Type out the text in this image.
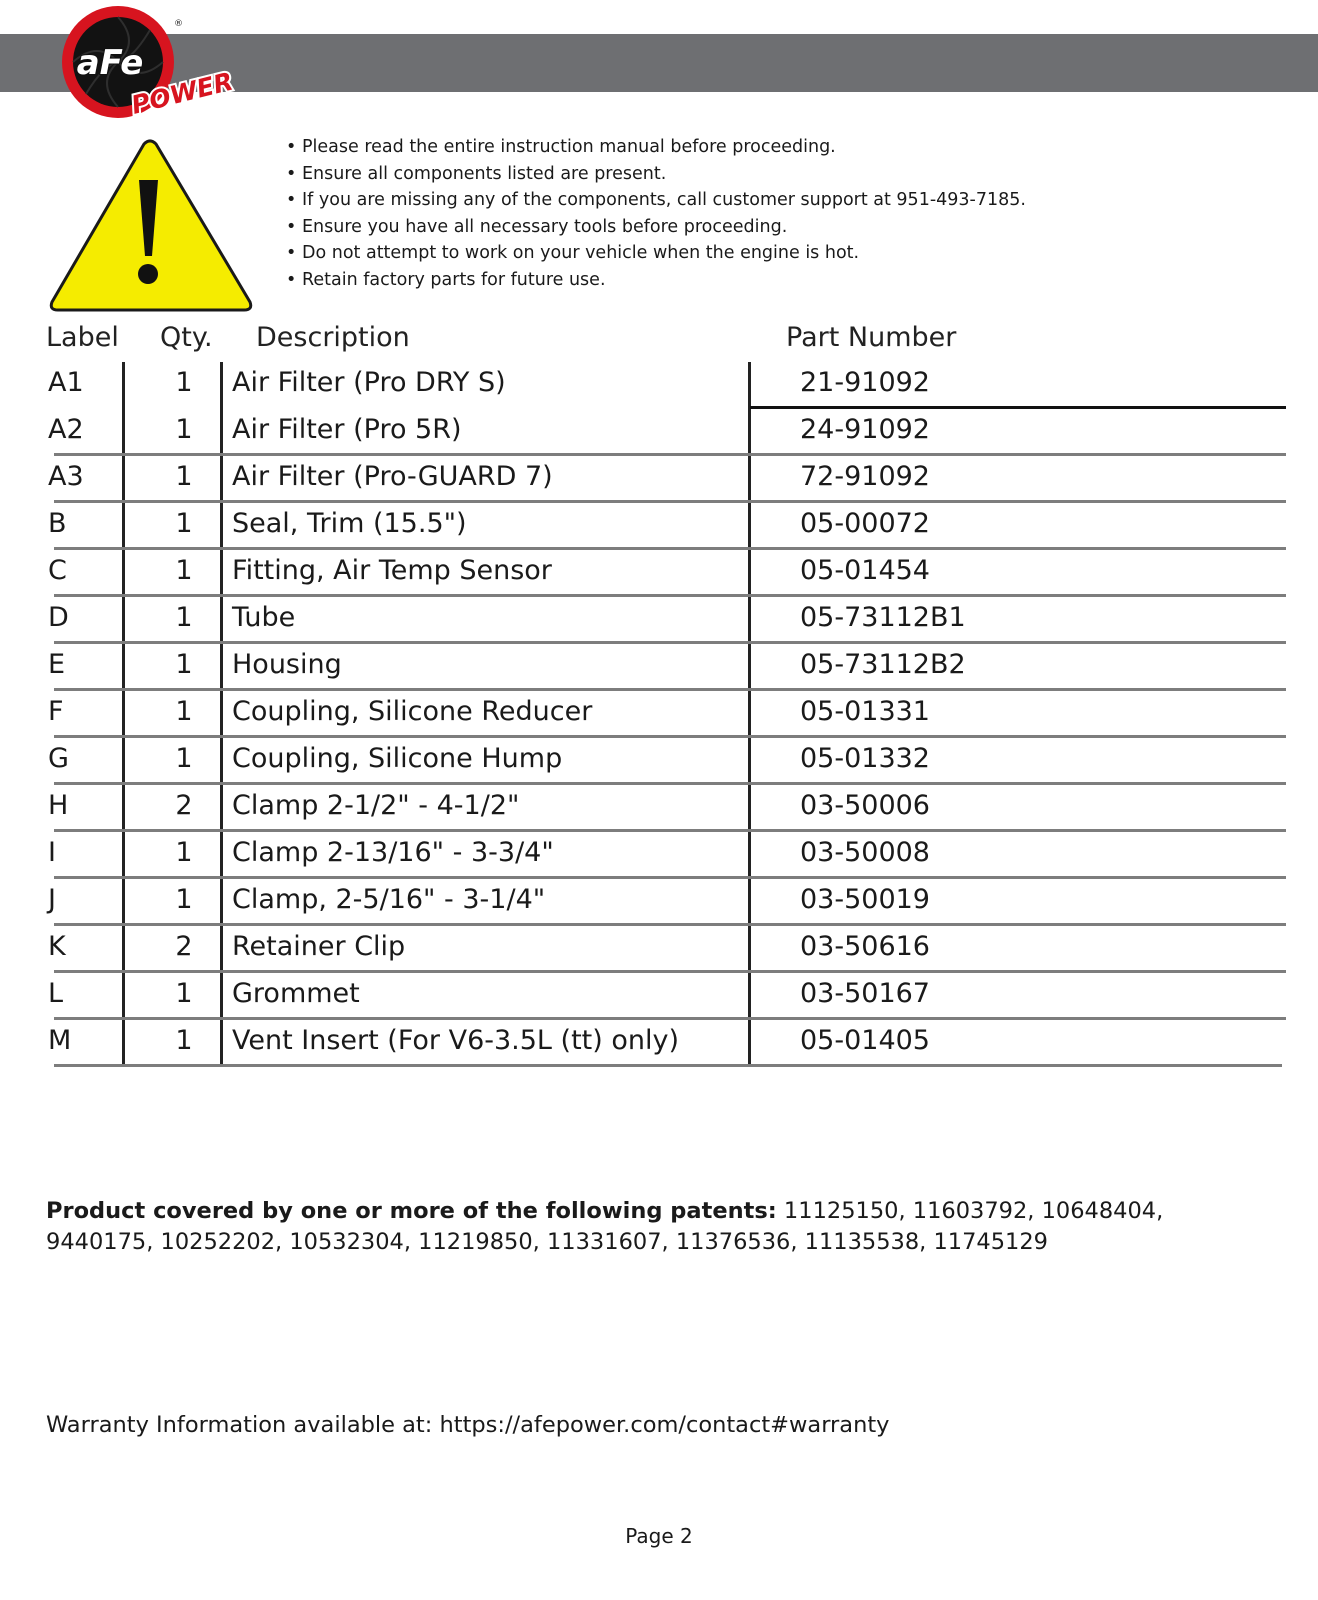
aFe
®
POWER
• Please read the entire instruction manual before proceeding.
• Ensure all components listed are present.
• If you are missing any of the components, call customer support at 951-493-7185.
• Ensure you have all necessary tools before proceeding.
• Do not attempt to work on your vehicle when the engine is hot.
• Retain factory parts for future use.
Label Qty. Description	Part Number
A1	1	Air Filter (Pro DRY S)	21-91092
A2	1	Air Filter (Pro 5R)	24-91092
A3	1	Air Filter (Pro-GUARD 7)	72-91092
B	1	Seal, Trim (15.5")	05-00072
C	1	Fitting, Air Temp Sensor	05-01454
D	1	Tube	05-73112B1
E	1	Housing	05-73112B2
F	1	Coupling, Silicone Reducer	05-01331
G	1	Coupling, Silicone Hump	05-01332
H	2	Clamp 2-1/2" - 4-1/2"	03-50006
I	1	Clamp 2-13/16" - 3-3/4"	03-50008
J	1	Clamp, 2-5/16" - 3-1/4"	03-50019
K	2	Retainer Clip	03-50616
L	1	Grommet	03-50167
M	1	Vent Insert (For V6-3.5L (tt) only)	05-01405
Product covered by one or more of the following patents: 11125150, 11603792, 10648404, 9440175, 10252202, 10532304, 11219850, 11331607, 11376536, 11135538, 11745129
Warranty Information available at: https://afepower.com/contact#warranty
Page 2
